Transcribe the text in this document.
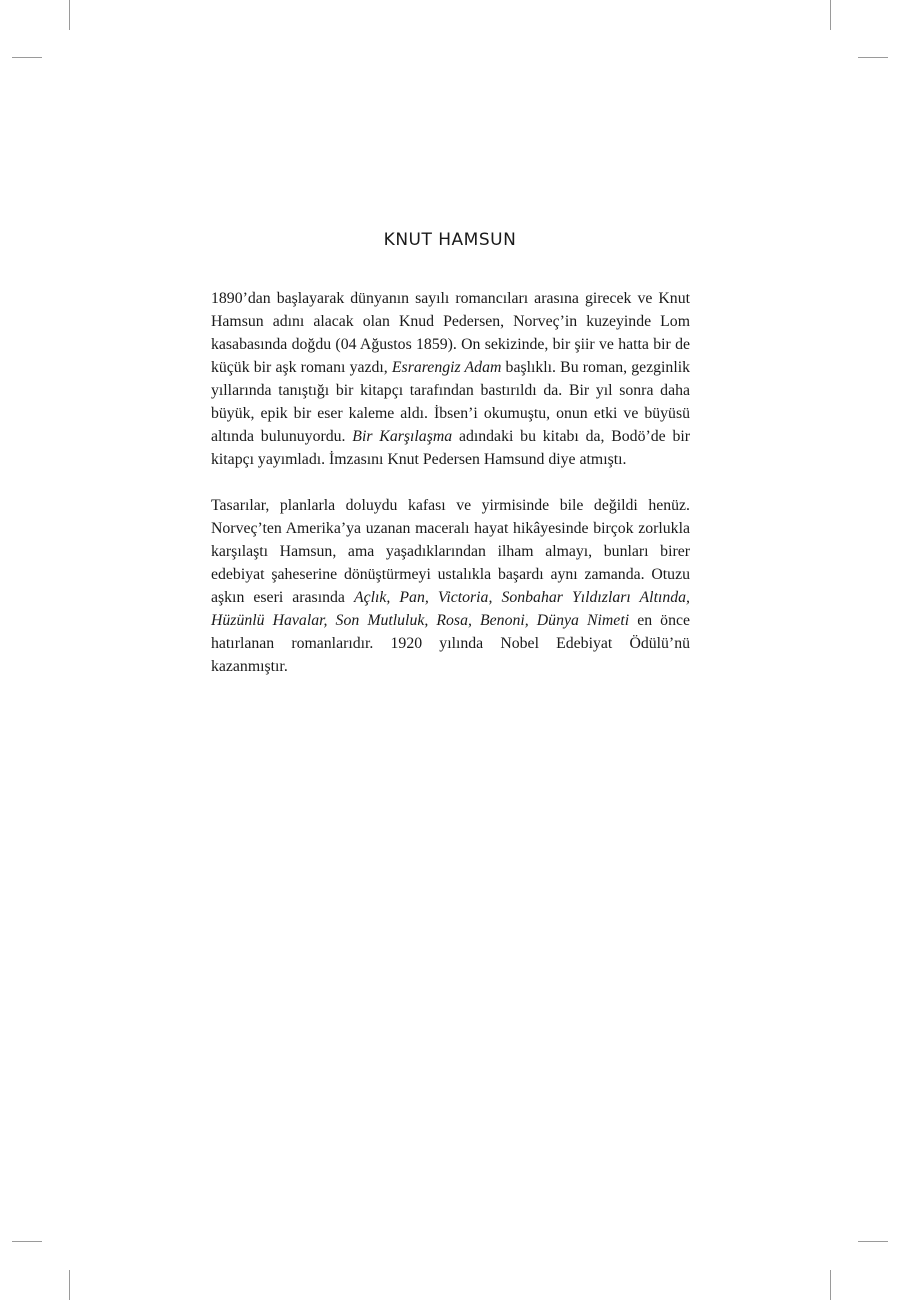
KNUT HAMSUN

1890’dan başlayarak dünyanın sayılı romancıları arasına girecek ve Knut Hamsun adını alacak olan Knud Pedersen, Norveç’in kuzeyinde Lom kasabasında doğdu (04 Ağustos 1859). On sekizinde, bir şiir ve hatta bir de küçük bir aşk romanı yazdı, Esrarengiz Adam başlıklı. Bu roman, gezginlik yıllarında tanıştığı bir kitapçı tarafından bastırıldı da. Bir yıl sonra daha büyük, epik bir eser kaleme aldı. İbsen’i okumuştu, onun etki ve büyüsü altında bulunuyordu. Bir Karşılaşma adındaki bu kitabı da, Bodö’de bir kitapçı yayımladı. İmzasını Knut Pedersen Hamsund diye atmıştı.

Tasarılar, planlarla doluydu kafası ve yirmisinde bile değildi henüz. Norveç’ten Amerika’ya uzanan maceralı hayat hikâyesinde birçok zorlukla karşılaştı Hamsun, ama yaşadıklarından ilham almayı, bunları birer edebiyat şaheserine dönüştürmeyi ustalıkla başardı aynı zamanda. Otuzu aşkın eseri arasında Açlık, Pan, Victoria, Sonbahar Yıldızları Altında, Hüzünlü Havalar, Son Mutluluk, Rosa, Benoni, Dünya Nimeti en önce hatırlanan romanlarıdır. 1920 yılında Nobel Edebiyat Ödülü’nü kazanmıştır.
